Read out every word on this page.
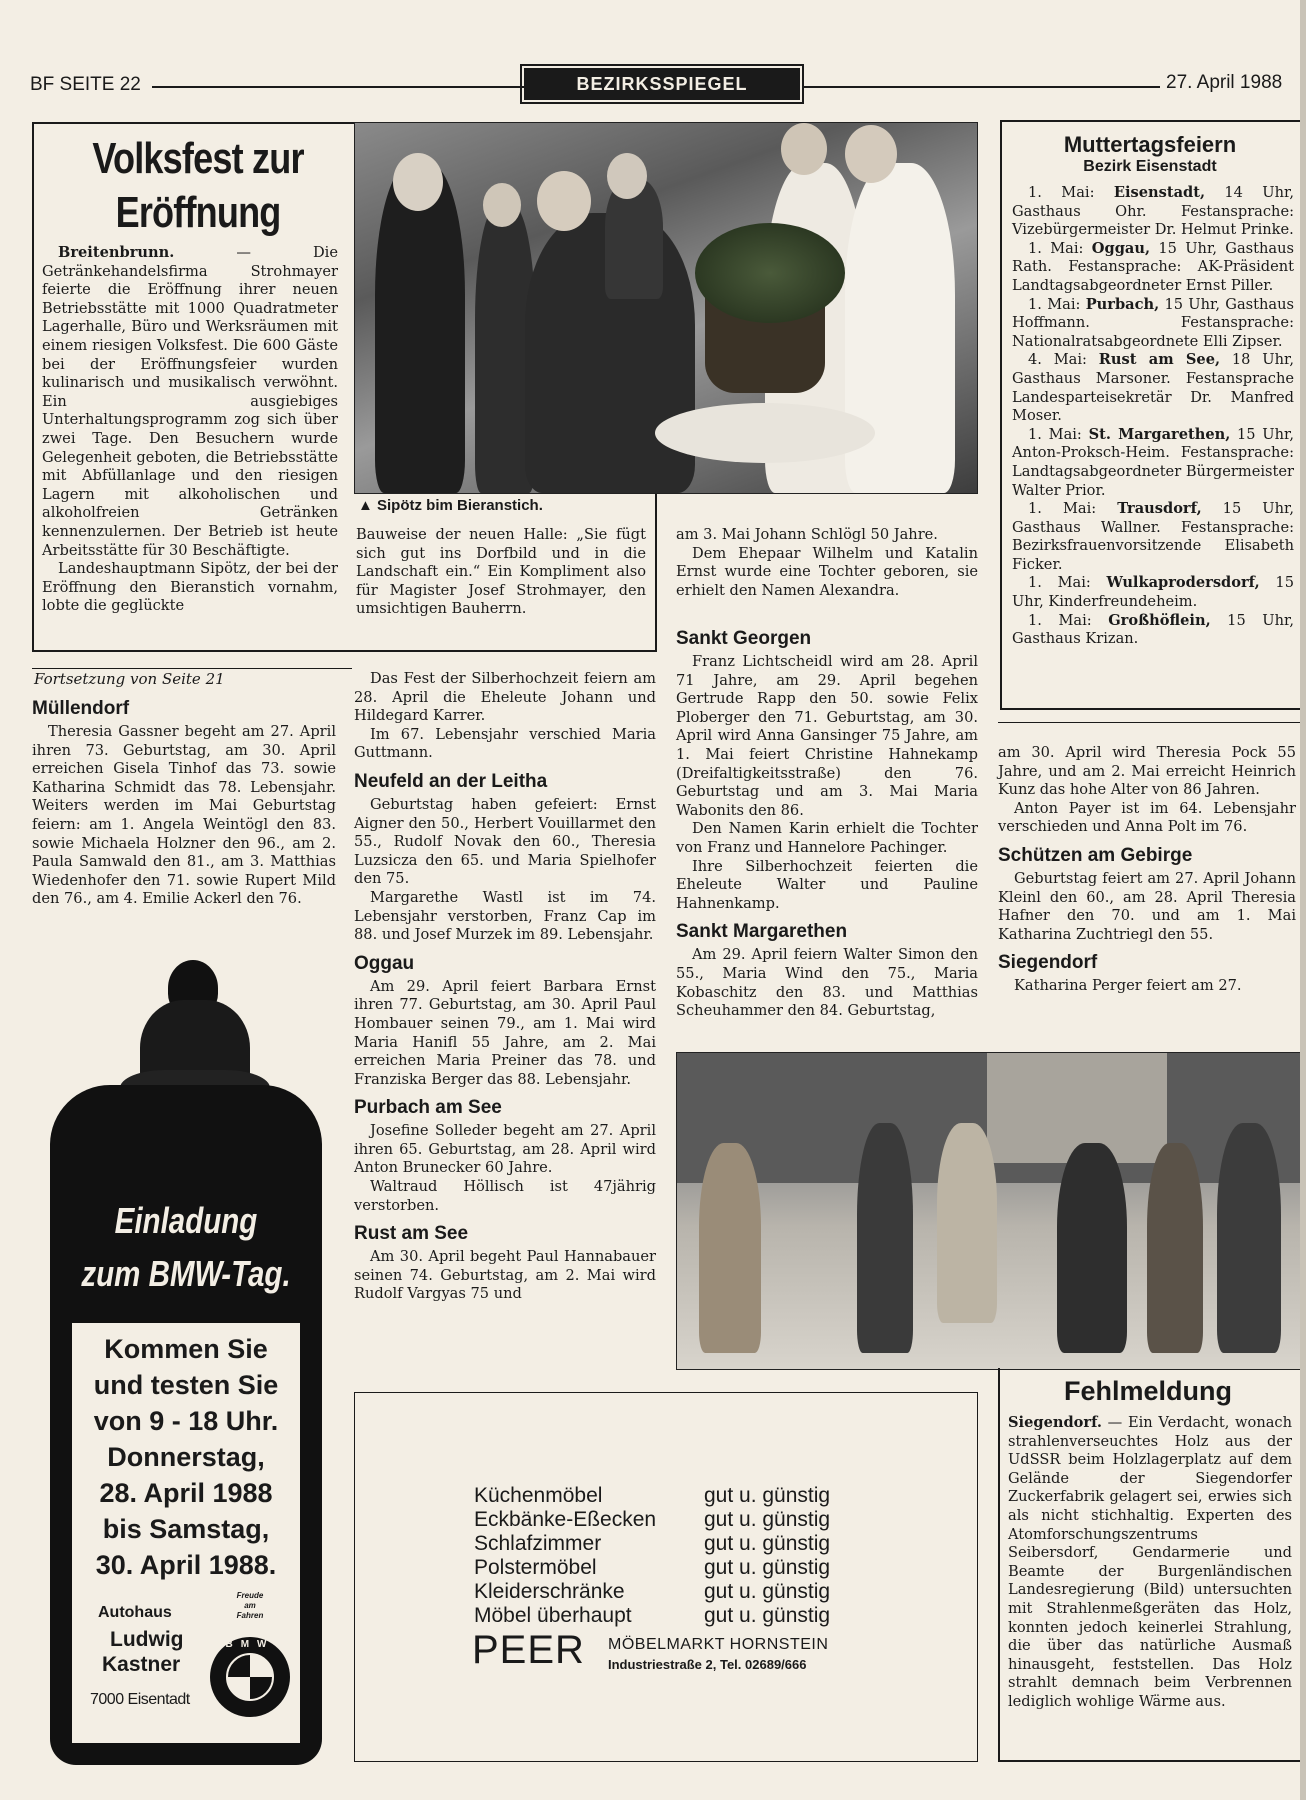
BF SEITE 22	BEZIRKSSPIEGEL	27. April 1988
Volksfest zur
Eröffnung

Breitenbrunn. — Die Getränkehandelsfirma Strohmayer feierte die Eröffnung ihrer neuen Betriebsstätte mit 1000 Quadratmeter Lagerhalle, Büro und Werksräumen mit einem riesigen Volksfest. Die 600 Gäste bei der Eröffnungsfeier wurden kulinarisch und musikalisch verwöhnt. Ein ausgiebiges Unterhaltungsprogramm zog sich über zwei Tage. Den Besuchern wurde Gelegenheit geboten, die Betriebsstätte mit Abfüllanlage und den riesigen Lagern mit alkoholischen und alkoholfreien Getränken kennenzulernen. Der Betrieb ist heute Arbeitsstätte für 30 Beschäftigte.

Landeshauptmann Sipötz, der bei der Eröffnung den Bieranstich vornahm, lobte die geglückte

▲ Sipötz bim Bieranstich.

Bauweise der neuen Halle: „Sie fügt sich gut ins Dorfbild und in die Landschaft ein.“ Ein Kompliment also für Magister Josef Strohmayer, den umsichtigen Bauherrn.

am 3. Mai Johann Schlögl 50 Jahre.

Dem Ehepaar Wilhelm und Katalin Ernst wurde eine Tochter geboren, sie erhielt den Namen Alexandra.

Muttertagsfeiern
Bezirk Eisenstadt

1. Mai: Eisenstadt, 14 Uhr, Gasthaus Ohr. Festansprache: Vizebürgermeister Dr. Helmut Prinke.

1. Mai: Oggau, 15 Uhr, Gasthaus Rath. Festansprache: AK-Präsident Landtagsabgeordneter Ernst Piller.

1. Mai: Purbach, 15 Uhr, Gasthaus Hoffmann. Festansprache: Nationalratsabgeordnete Elli Zipser.

4. Mai: Rust am See, 18 Uhr, Gasthaus Marsoner. Festansprache Landesparteisekretär Dr. Manfred Moser.

1. Mai: St. Margarethen, 15 Uhr, Anton-Proksch-Heim. Festansprache: Landtagsabgeordneter Bürgermeister Walter Prior.

1. Mai: Trausdorf, 15 Uhr, Gasthaus Wallner. Festansprache: Bezirksfrauenvorsitzende Elisabeth Ficker.

1. Mai: Wulkaprodersdorf, 15 Uhr, Kinderfreundeheim.

1. Mai: Großhöflein, 15 Uhr, Gasthaus Krizan.

Fortsetzung von Seite 21
Müllendorf

Theresia Gassner begeht am 27. April ihren 73. Geburtstag, am 30. April erreichen Gisela Tinhof das 73. sowie Katharina Schmidt das 78. Lebensjahr. Weiters werden im Mai Geburtstag feiern: am 1. Angela Weintögl den 83. sowie Michaela Holzner den 96., am 2. Paula Samwald den 81., am 3. Matthias Wiedenhofer den 71. sowie Rupert Mild den 76., am 4. Emilie Ackerl den 76.

Das Fest der Silberhochzeit feiern am 28. April die Eheleute Johann und Hildegard Karrer.

Im 67. Lebensjahr verschied Maria Guttmann.

Neufeld an der Leitha

Geburtstag haben gefeiert: Ernst Aigner den 50., Herbert Vouillarmet den 55., Rudolf Novak den 60., Theresia Luzsicza den 65. und Maria Spielhofer den 75.

Margarethe Wastl ist im 74. Lebensjahr verstorben, Franz Cap im 88. und Josef Murzek im 89. Lebensjahr.

Oggau

Am 29. April feiert Barbara Ernst ihren 77. Geburtstag, am 30. April Paul Hombauer seinen 79., am 1. Mai wird Maria Hanifl 55 Jahre, am 2. Mai erreichen Maria Preiner das 78. und Franziska Berger das 88. Lebensjahr.

Purbach am See

Josefine Solleder begeht am 27. April ihren 65. Geburtstag, am 28. April wird Anton Brunecker 60 Jahre.

Waltraud Höllisch ist 47jährig verstorben.

Rust am See

Am 30. April begeht Paul Hannabauer seinen 74. Geburtstag, am 2. Mai wird Rudolf Vargyas 75 und

Sankt Georgen

Franz Lichtscheidl wird am 28. April 71 Jahre, am 29. April begehen Gertrude Rapp den 50. sowie Felix Ploberger den 71. Geburtstag, am 30. April wird Anna Gansinger 75 Jahre, am 1. Mai feiert Christine Hahnekamp (Dreifaltigkeitsstraße) den 76. Geburtstag und am 3. Mai Maria Wabonits den 86.

Den Namen Karin erhielt die Tochter von Franz und Hannelore Pachinger.

Ihre Silberhochzeit feierten die Eheleute Walter und Pauline Hahnenkamp.

Sankt Margarethen

Am 29. April feiern Walter Simon den 55., Maria Wind den 75., Maria Kobaschitz den 83. und Matthias Scheuhammer den 84. Geburtstag,

am 30. April wird Theresia Pock 55 Jahre, und am 2. Mai erreicht Heinrich Kunz das hohe Alter von 86 Jahren.

Anton Payer ist im 64. Lebensjahr verschieden und Anna Polt im 76.

Schützen am Gebirge

Geburtstag feiert am 27. April Johann Kleinl den 60., am 28. April Theresia Hafner den 70. und am 1. Mai Katharina Zuchtriegl den 55.

Siegendorf

Katharina Perger feiert am 27.

Einladung
zum BMW-Tag.
Kommen Sie
und testen Sie
von 9 - 18 Uhr.
Donnerstag,
28. April 1988
bis Samstag,
30. April 1988.
Autohaus
Ludwig
Kastner
7000 Eisentadt
Freude
am
Fahren
BMW
Küchenmöbel	gut u. günstig
Eckbänke-Eßecken	gut u. günstig
Schlafzimmer	gut u. günstig
Polstermöbel	gut u. günstig
Kleiderschränke	gut u. günstig
Möbel überhaupt	gut u. günstig
PEER MÖBELMARKT HORNSTEIN
Industriestraße 2, Tel. 02689/666
Fehlmeldung

Siegendorf. — Ein Verdacht, wonach strahlenverseuchtes Holz aus der UdSSR beim Holzlagerplatz auf dem Gelände der Siegendorfer Zuckerfabrik gelagert sei, erwies sich als nicht stichhaltig. Experten des Atomforschungszentrums Seibersdorf, Gendarmerie und Beamte der Burgenländischen Landesregierung (Bild) untersuchten mit Strahlenmeßgeräten das Holz, konnten jedoch keinerlei Strahlung, die über das natürliche Ausmaß hinausgeht, feststellen. Das Holz strahlt demnach beim Verbrennen lediglich wohlige Wärme aus.
